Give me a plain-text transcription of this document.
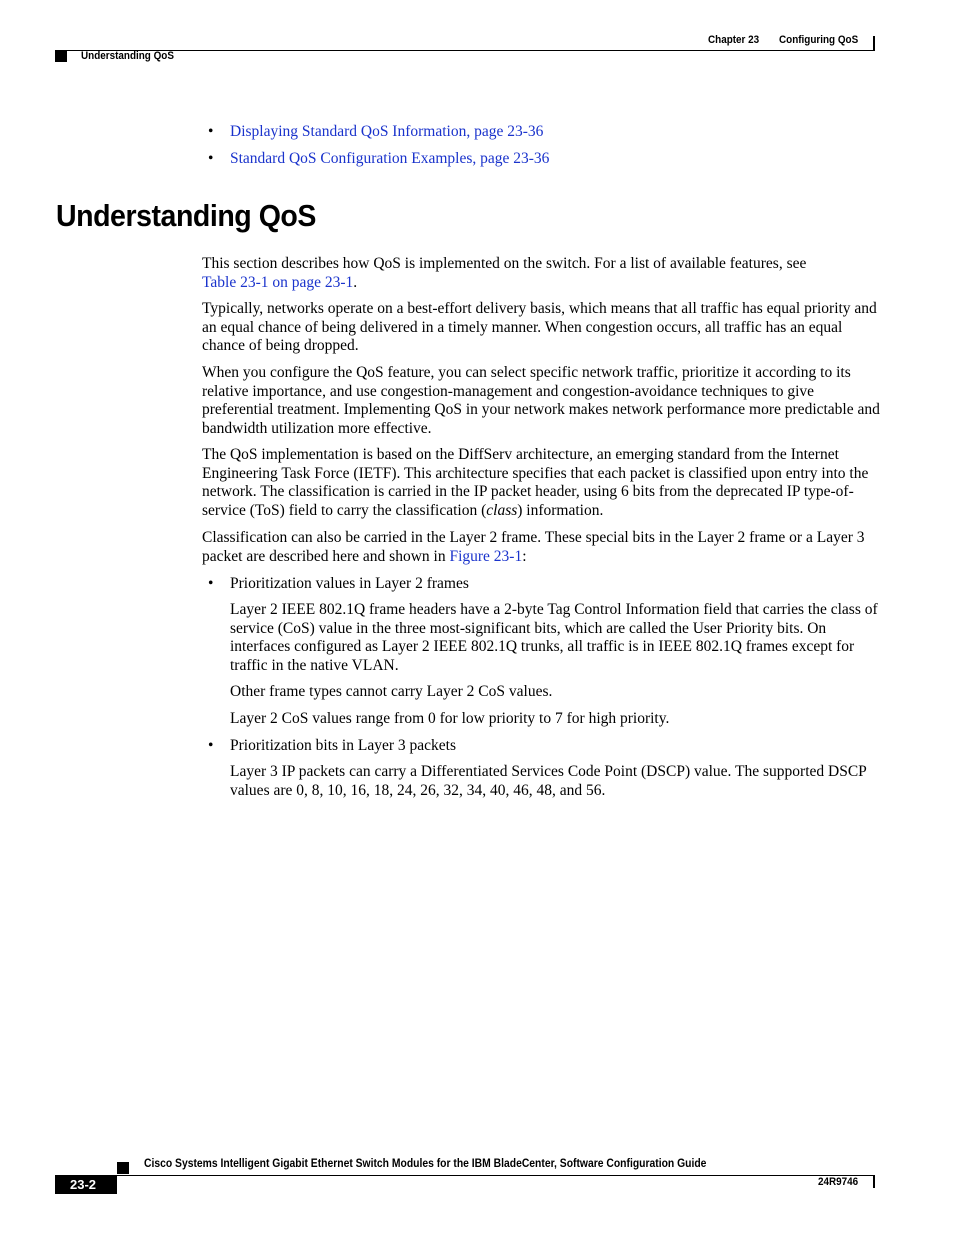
Chapter 23 Configuring QoS
Understanding QoS
• Displaying Standard QoS Information, page 23-36
• Standard QoS Configuration Examples, page 23-36
Understanding QoS

This section describes how QoS is implemented on the switch. For a list of available features, see
Table 23-1 on page 23-1.

Typically, networks operate on a best-effort delivery basis, which means that all traffic has equal priority and an equal chance of being delivered in a timely manner. When congestion occurs, all traffic has an equal chance of being dropped.

When you configure the QoS feature, you can select specific network traffic, prioritize it according to its relative importance, and use congestion-management and congestion-avoidance techniques to give preferential treatment. Implementing QoS in your network makes network performance more predictable and bandwidth utilization more effective.

The QoS implementation is based on the DiffServ architecture, an emerging standard from the Internet Engineering Task Force (IETF). This architecture specifies that each packet is classified upon entry into the network. The classification is carried in the IP packet header, using 6 bits from the deprecated IP type-of-service (ToS) field to carry the classification (class) information.

Classification can also be carried in the Layer 2 frame. These special bits in the Layer 2 frame or a Layer 3 packet are described here and shown in Figure 23-1:

• Prioritization values in Layer 2 frames

Layer 2 IEEE 802.1Q frame headers have a 2-byte Tag Control Information field that carries the class of service (CoS) value in the three most-significant bits, which are called the User Priority bits. On interfaces configured as Layer 2 IEEE 802.1Q trunks, all traffic is in IEEE 802.1Q frames except for traffic in the native VLAN.

Other frame types cannot carry Layer 2 CoS values.

Layer 2 CoS values range from 0 for low priority to 7 for high priority.

• Prioritization bits in Layer 3 packets

Layer 3 IP packets can carry a Differentiated Services Code Point (DSCP) value. The supported DSCP values are 0, 8, 10, 16, 18, 24, 26, 32, 34, 40, 46, 48, and 56.

Cisco Systems Intelligent Gigabit Ethernet Switch Modules for the IBM BladeCenter, Software Configuration Guide
23-2	24R9746
